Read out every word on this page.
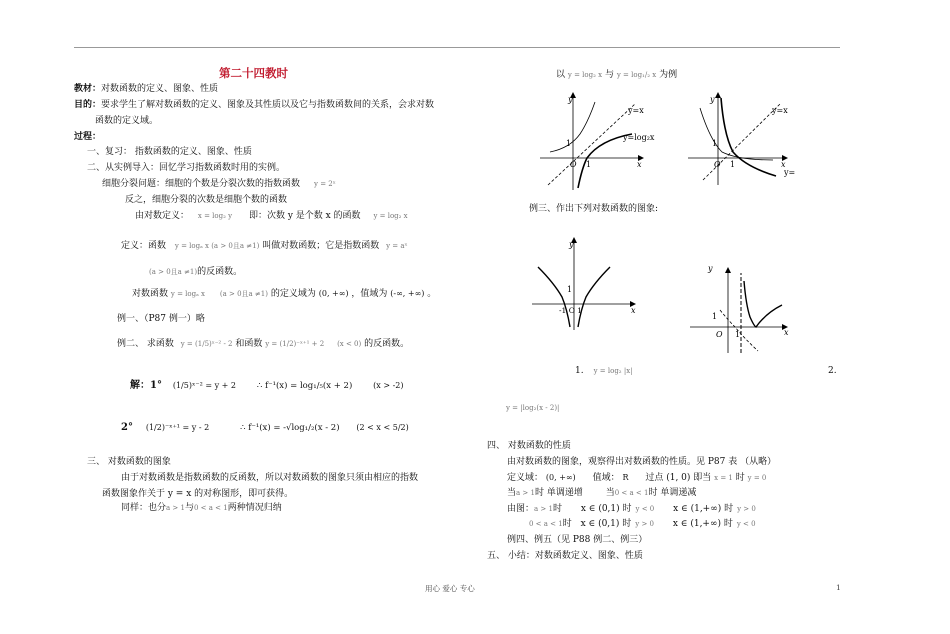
第二十四教时
教材：对数函数的定义、图象、性质
目的：要求学生了解对数函数的定义、图象及其性质以及它与指数函数间的关系，会求对数
函数的定义域。
过程：
一、复习： 指数函数的定义、图象、性质
二、从实例导入：回忆学习指数函数时用的实例。
细胞分裂问题：细胞的个数是分裂次数的指数函数 y = 2ˣ
反之，细胞分裂的次数是细胞个数的函数
由对数定义： x = log₂ y 即：次数 y 是个数 x 的函数 y = log₂ x
定义：函数 y = logₐ x (a > 0且a ≠1) 叫做对数函数；它是指数函数 y = aˣ
(a > 0且a ≠1)的反函数。
对数函数 y = logₐ x (a > 0且a ≠1) 的定义域为 (0, +∞) ，值域为 (-∞, +∞) 。
例一、（P87 例一）略
例二、 求函数 y = (1/5)ˣ⁻² - 2 和函数 y = (1/2)⁻ˣ⁺¹ + 2 (x < 0) 的反函数。
解：1° (1/5)ˣ⁻² = y + 2 ∴ f⁻¹(x) = log₁/₅(x + 2)	(x > -2)
2° (1/2)⁻ˣ⁺¹ = y - 2	∴ f⁻¹(x) = -√log₁/₂(x - 2) (2 < x < 5/2)
三、 对数函数的图象
由于对数函数是指数函数的反函数，所以对数函数的图象只须由相应的指数
函数图象作关于 y = x 的对称图形，即可获得。
同样：也分a > 1与0 < a < 1两种情况归纳
以 y = log₂ x 与 y = log₁/₂ x 为例
y
y=x
1
O 1	x
y=log₂x
y
y=x
1
O 1	x
y=
例三、作出下列对数函数的图象:
y
1
-1 O 1	x
y
1
O 1	x
1. y = log₂ |x|	2.
y = |log₂(x - 2)|
四、 对数函数的性质
由对数函数的图象，观察得出对数函数的性质。见 P87 表 （从略）
定义域： (0, +∞) 值域： R 过点 (1, 0) 即当 x = 1 时 y = 0
当a > 1时 单调递增	当0 < a < 1时 单调递减
由图：a > 1时 x ∈ (0,1) 时 y < 0 x ∈ (1,+∞) 时 y > 0
0 < a < 1时 x ∈ (0,1) 时 y > 0 x ∈ (1,+∞) 时 y < 0
例四、例五（见 P88 例二、例三）
五、 小结：对数函数定义、图象、性质
用心 爱心 专心	1
